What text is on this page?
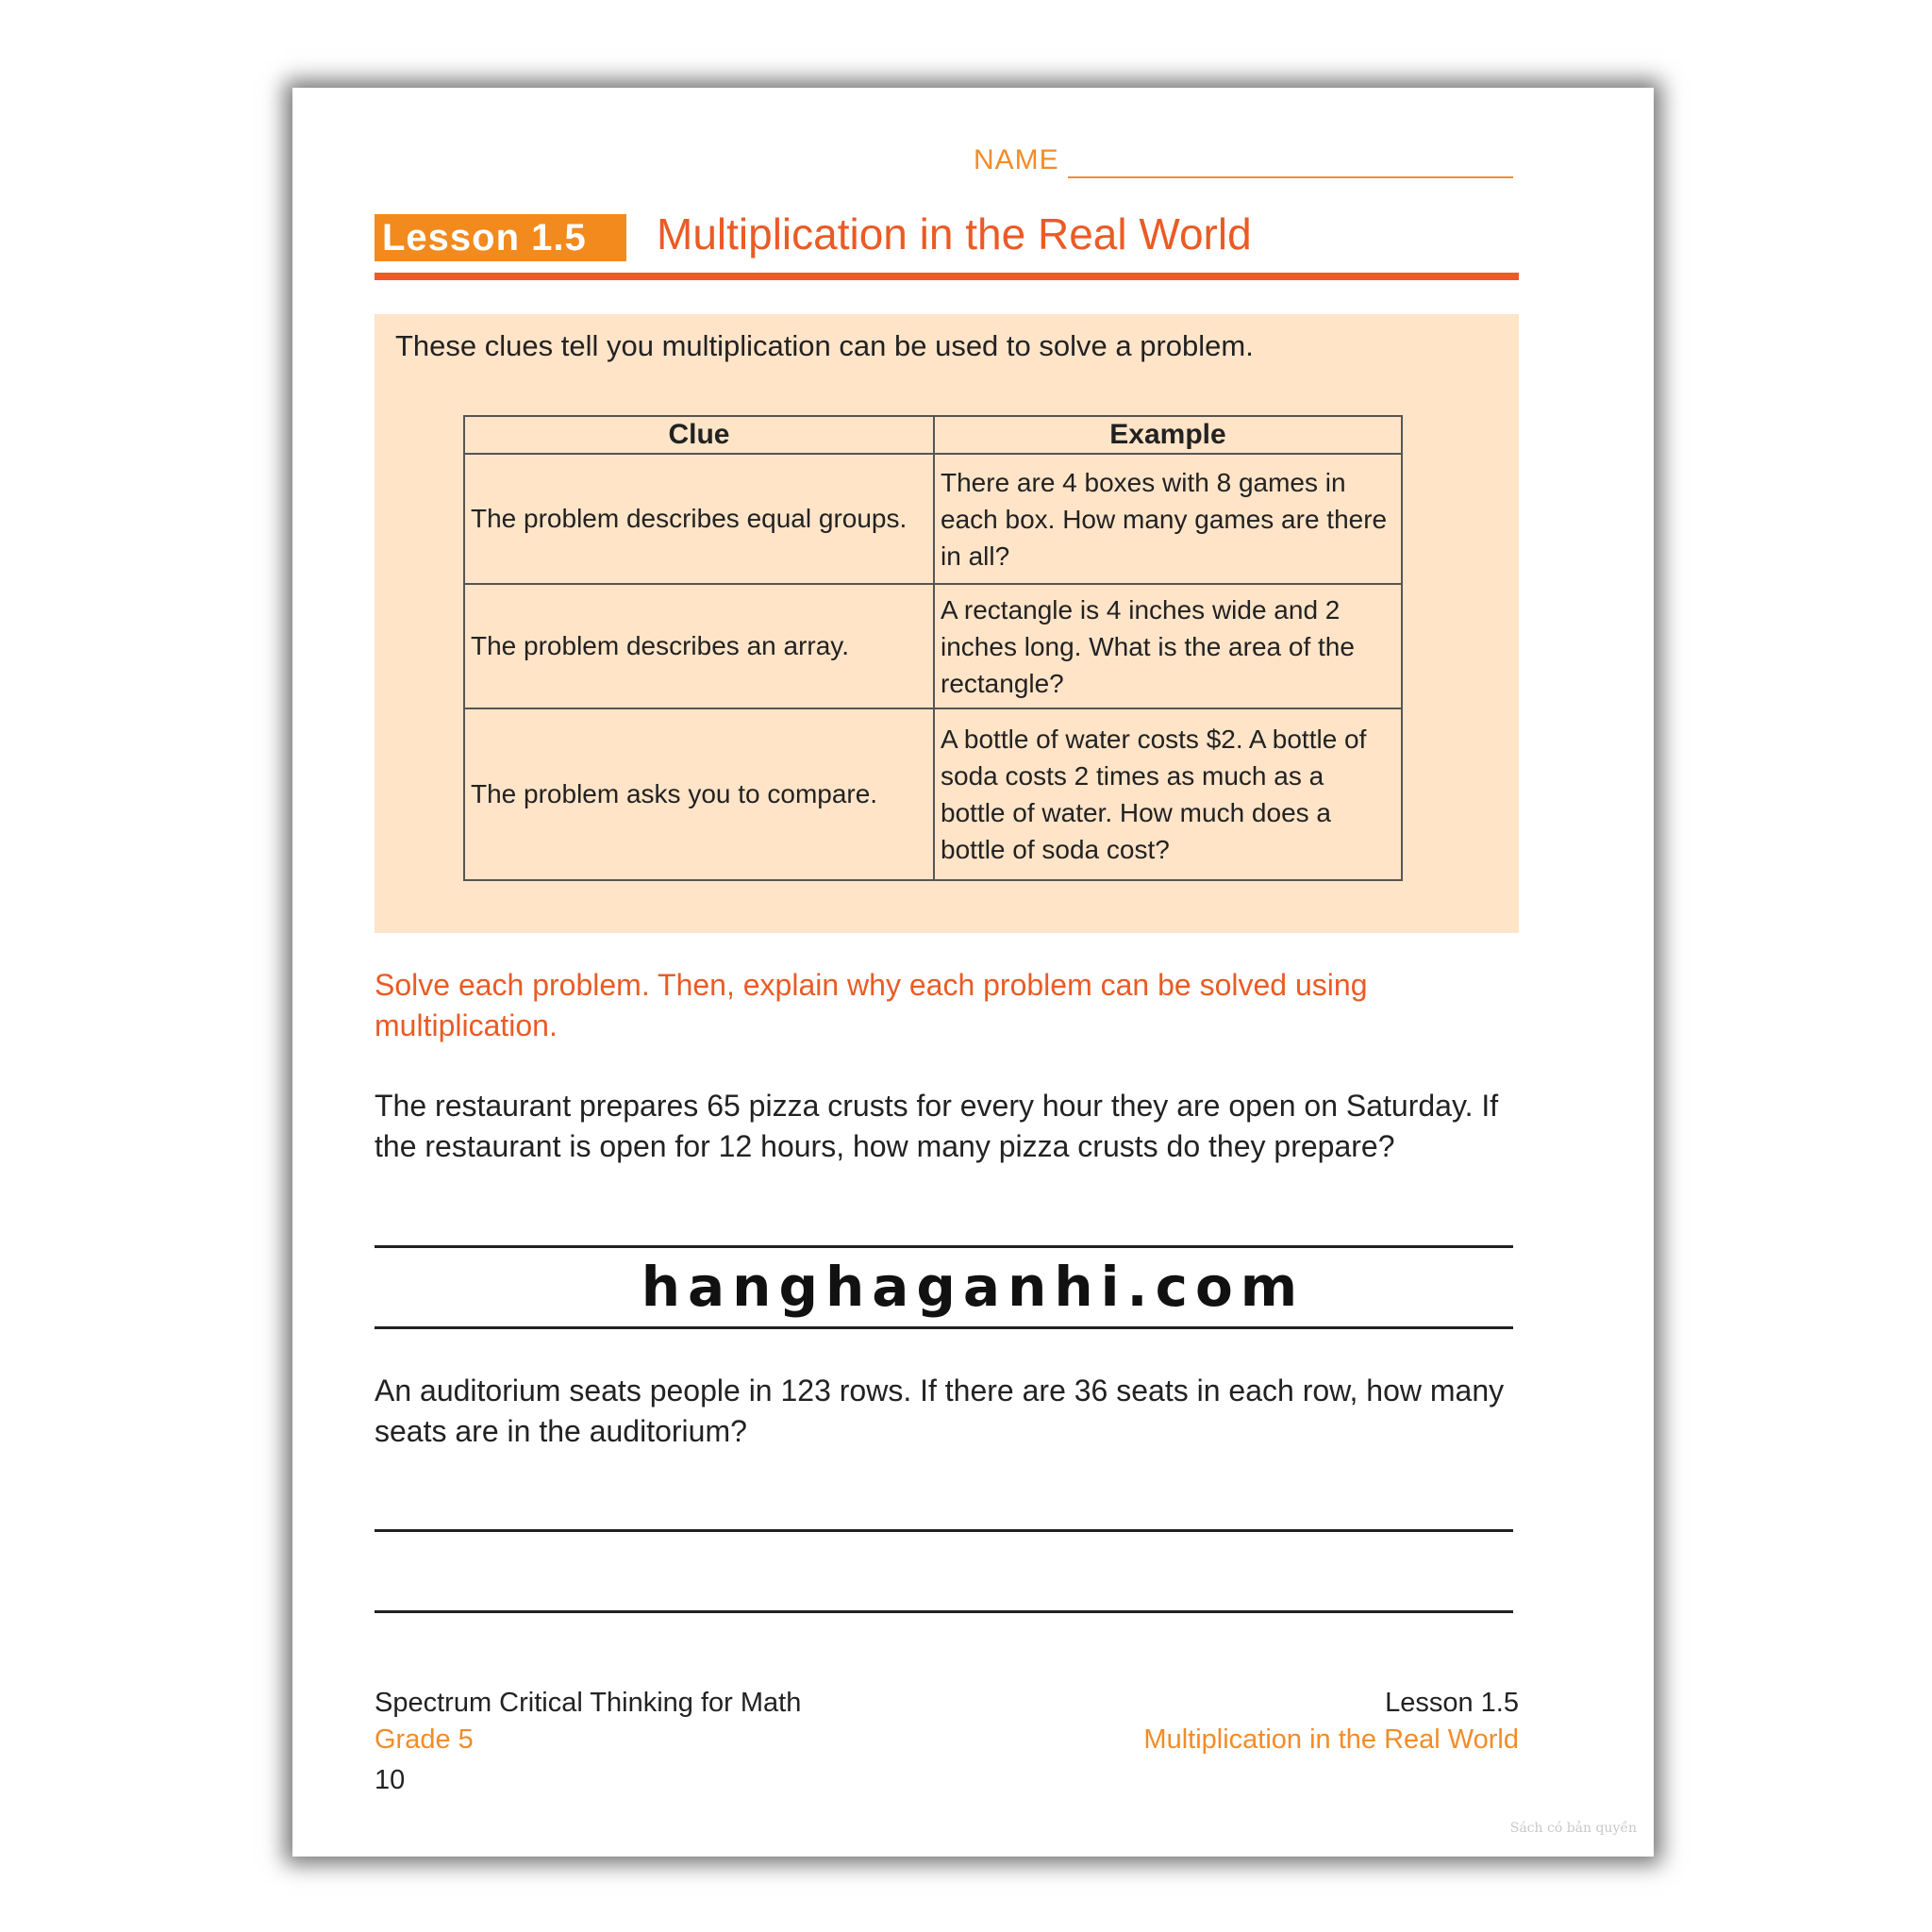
NAME
Lesson 1.5	Multiplication in the Real World
These clues tell you multiplication can be used to solve a problem.
Clue	Example
The problem describes equal groups.	There are 4 boxes with 8 games in each box. How many games are there in all?
The problem describes an array.	A rectangle is 4 inches wide and 2 inches long. What is the area of the rectangle?
The problem asks you to compare.	A bottle of water costs $2. A bottle of soda costs 2 times as much as a bottle of water. How much does a bottle of soda cost?
Solve each problem. Then, explain why each problem can be solved using multiplication.
The restaurant prepares 65 pizza crusts for every hour they are open on Saturday. If the restaurant is open for 12 hours, how many pizza crusts do they prepare?
hanghaganhi.com
An auditorium seats people in 123 rows. If there are 36 seats in each row, how many seats are in the auditorium?
Spectrum Critical Thinking for Math
Grade 5
10
Lesson 1.5
Multiplication in the Real World
Sách có bản quyền
